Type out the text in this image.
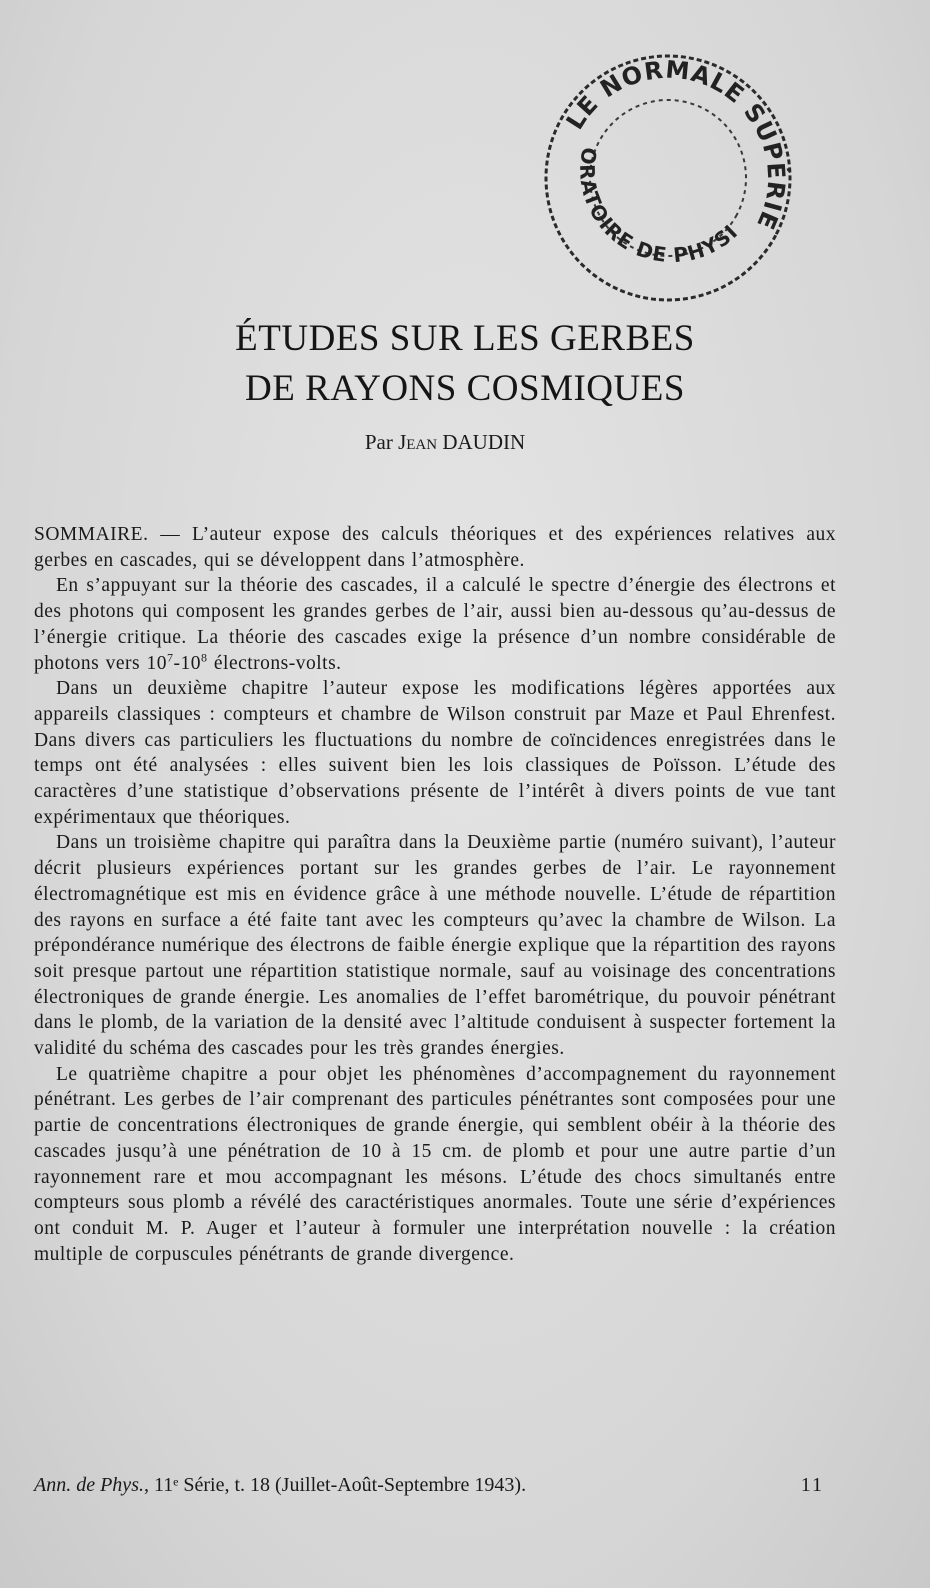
ÉCOLE NORMALE SUPÉRIEURE
LABORATOIRE DE PHYSIQUE
ÉTUDES SUR LES GERBES
DE RAYONS COSMIQUES
Par Jean DAUDIN

SOMMAIRE. — L’auteur expose des calculs théoriques et des expériences relatives aux gerbes en cascades, qui se développent dans l’atmosphère.

En s’appuyant sur la théorie des cascades, il a calculé le spectre d’énergie des électrons et des photons qui composent les grandes gerbes de l’air, aussi bien au-dessous qu’au-dessus de l’énergie critique. La théorie des cascades exige la présence d’un nombre considérable de photons vers $10^7-10^8$ électrons-volts.

Dans un deuxième chapitre l’auteur expose les modifications légères apportées aux appareils classiques : compteurs et chambre de Wilson construit par Maze et Paul Ehrenfest. Dans divers cas particuliers les fluctuations du nombre de coïncidences enregistrées dans le temps ont été analysées : elles suivent bien les lois classiques de Poïsson. L’étude des caractères d’une statistique d’observations présente de l’intérêt à divers points de vue tant expérimentaux que théoriques.

Dans un troisième chapitre qui paraîtra dans la Deuxième partie (numéro suivant), l’auteur décrit plusieurs expériences portant sur les grandes gerbes de l’air. Le rayonnement électromagnétique est mis en évidence grâce à une méthode nouvelle. L’étude de répartition des rayons en surface a été faite tant avec les compteurs qu’avec la chambre de Wilson. La prépondérance numérique des électrons de faible énergie explique que la répartition des rayons soit presque partout une répartition statistique normale, sauf au voisinage des concentrations électroniques de grande énergie. Les anomalies de l’effet barométrique, du pouvoir pénétrant dans le plomb, de la variation de la densité avec l’altitude conduisent à suspecter fortement la validité du schéma des cascades pour les très grandes énergies.

Le quatrième chapitre a pour objet les phénomènes d’accompagnement du rayonnement pénétrant. Les gerbes de l’air comprenant des particules pénétrantes sont composées pour une partie de concentrations électroniques de grande énergie, qui semblent obéir à la théorie des cascades jusqu’à une pénétration de 10 à 15 cm. de plomb et pour une autre partie d’un rayonnement rare et mou accompagnant les mésons. L’étude des chocs simultanés entre compteurs sous plomb a révélé des caractéristiques anormales. Toute une série d’expériences ont conduit M. P. Auger et l’auteur à formuler une interprétation nouvelle : la création multiple de corpuscules pénétrants de grande divergence.

Ann. de Phys., 11ᵉ Série, t. 18 (Juillet-Août-Septembre 1943).	11
